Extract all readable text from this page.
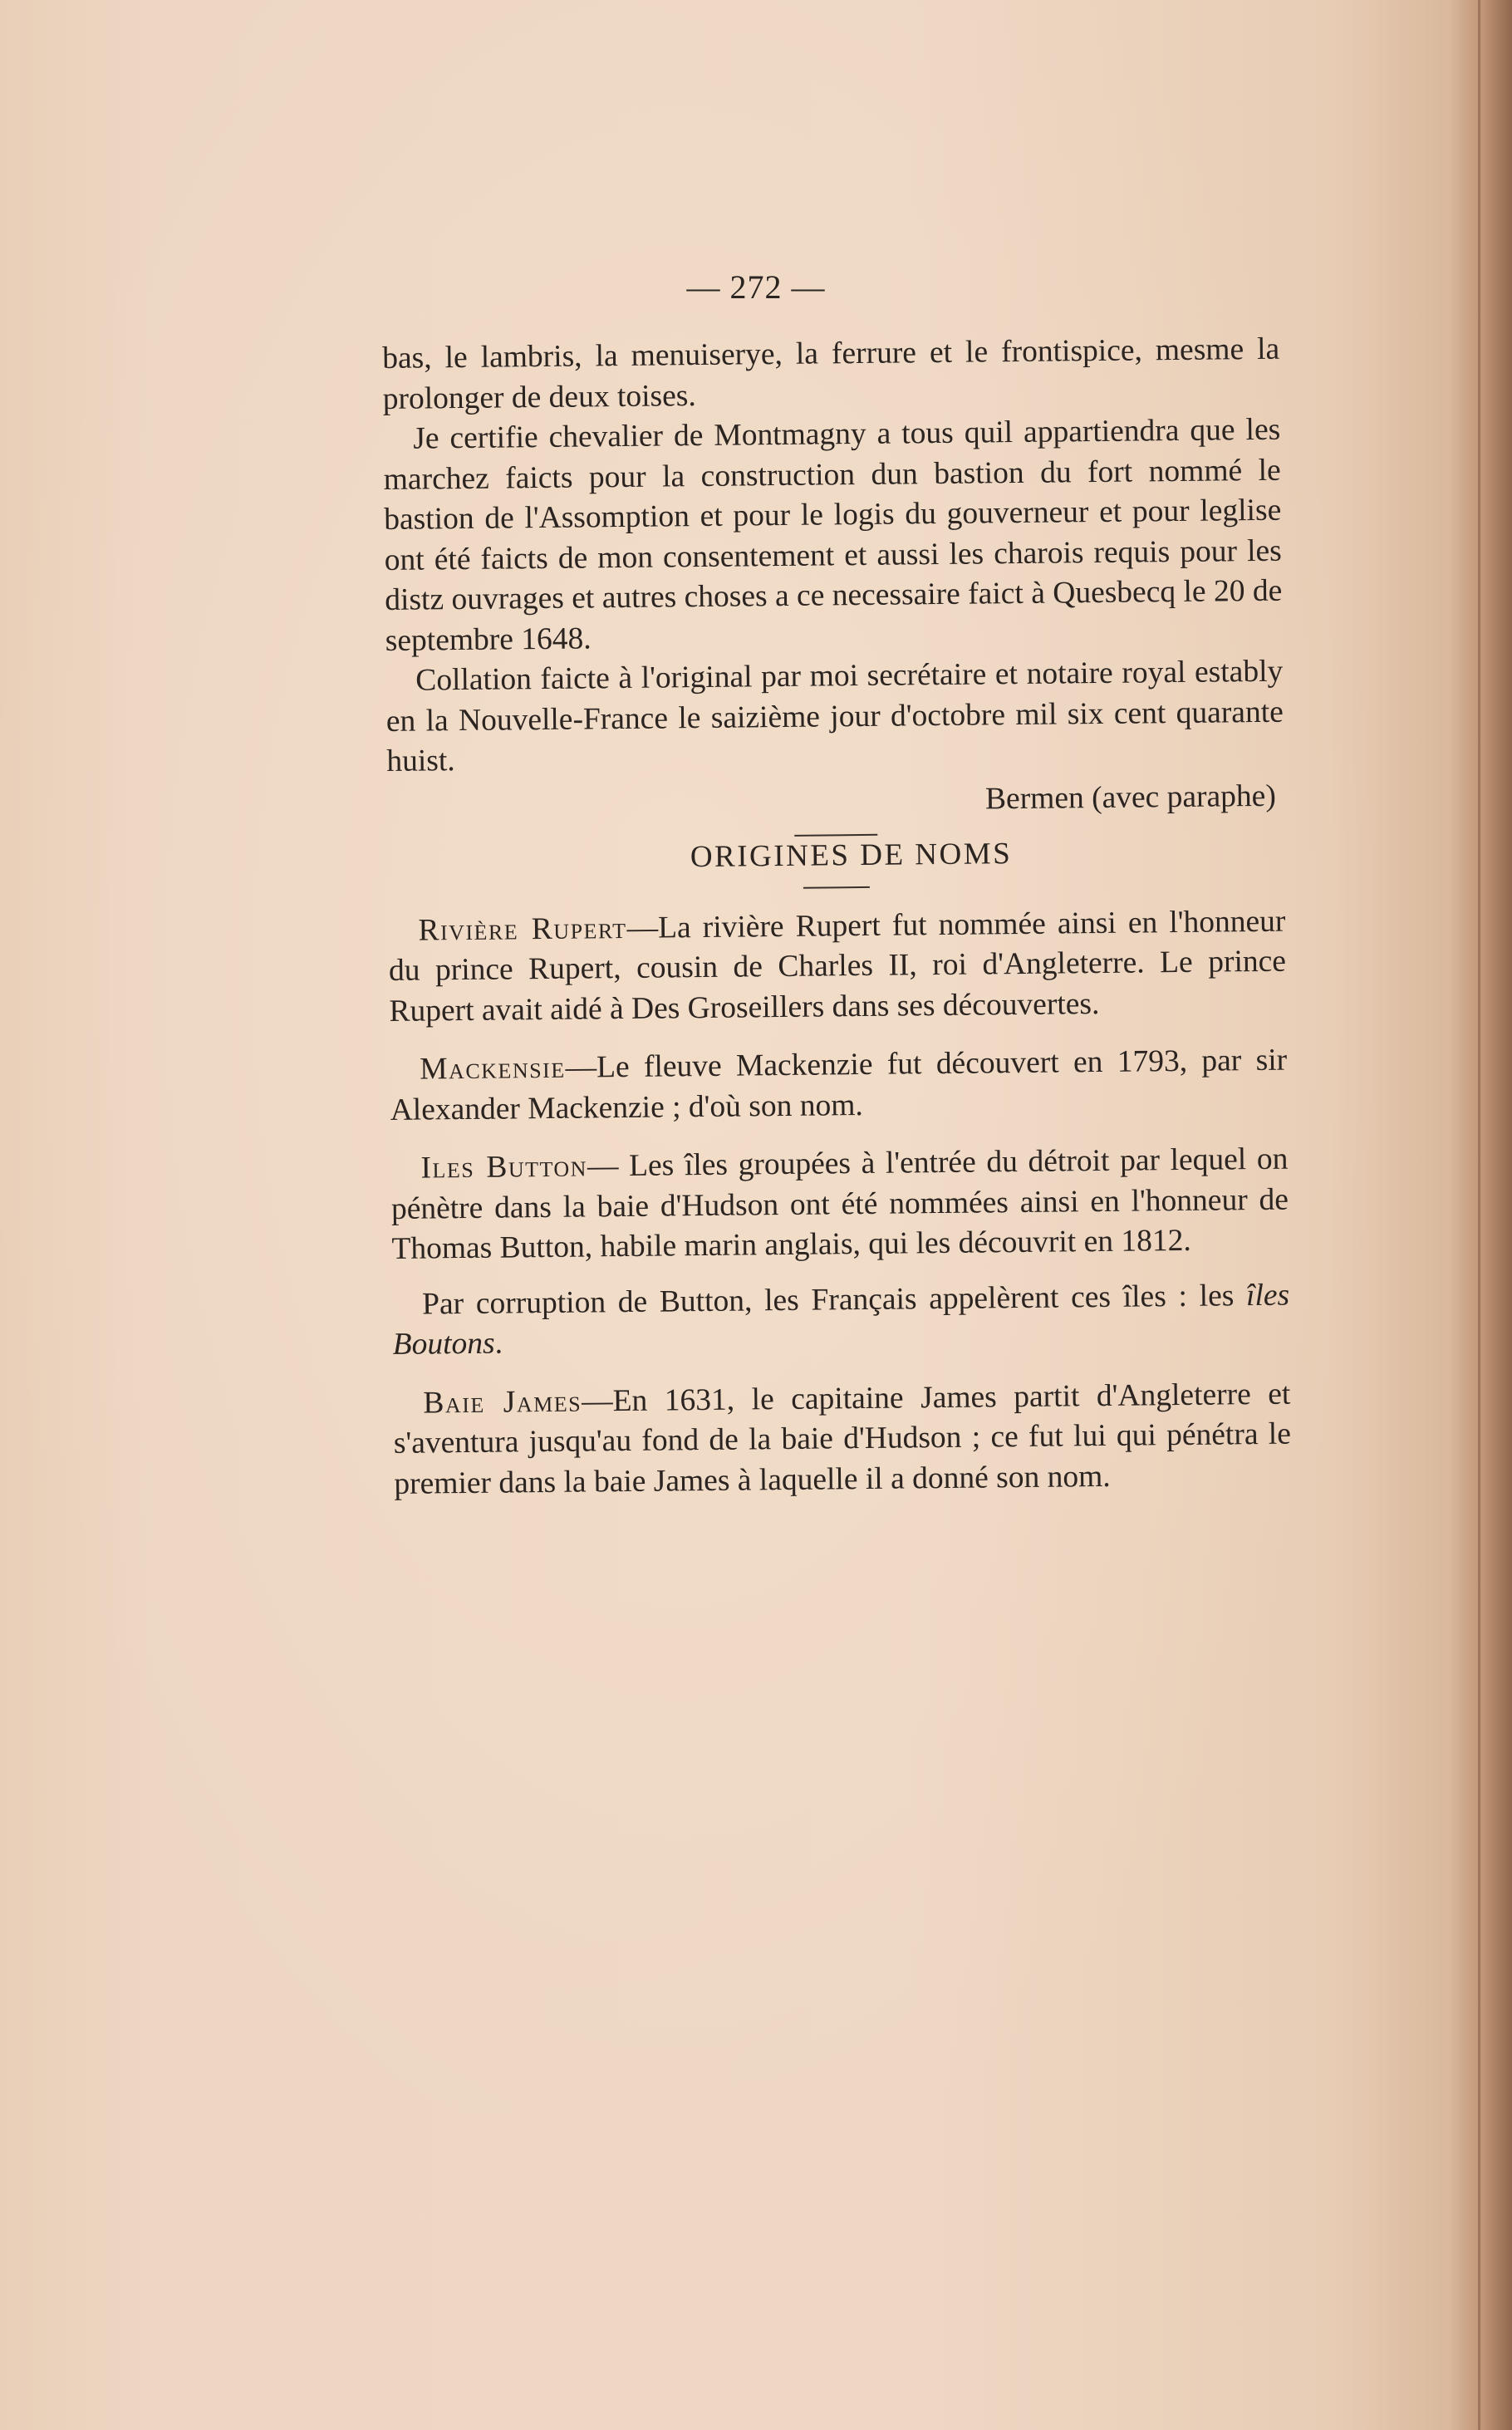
— 272 —

bas, le lambris, la menuiserye, la ferrure et le frontispice, mesme la prolonger de deux toises.

Je certifie chevalier de Montmagny a tous quil appartiendra que les marchez faicts pour la construction dun bastion du fort nommé le bastion de l'Assomption et pour le logis du gouverneur et pour leglise ont été faicts de mon consentement et aussi les charois requis pour les distz ouvrages et autres choses a ce necessaire faict à Quesbecq le 20 de septembre 1648.

Collation faicte à l'original par moi secrétaire et notaire royal estably en la Nouvelle-France le saizième jour d'octobre mil six cent quarante huist.

Bermen (avec paraphe)

ORIGINES DE NOMS

Rivière Rupert—La rivière Rupert fut nommée ainsi en l'honneur du prince Rupert, cousin de Charles II, roi d'Angleterre. Le prince Rupert avait aidé à Des Groseillers dans ses découvertes.

Mackensie—Le fleuve Mackenzie fut découvert en 1793, par sir Alexander Mackenzie ; d'où son nom.

Iles Button— Les îles groupées à l'entrée du détroit par lequel on pénètre dans la baie d'Hudson ont été nommées ainsi en l'honneur de Thomas Button, habile marin anglais, qui les découvrit en 1812.

Par corruption de Button, les Français appelèrent ces îles : les îles Boutons.

Baie James—En 1631, le capitaine James partit d'Angleterre et s'aventura jusqu'au fond de la baie d'Hudson ; ce fut lui qui pénétra le premier dans la baie James à laquelle il a donné son nom.
